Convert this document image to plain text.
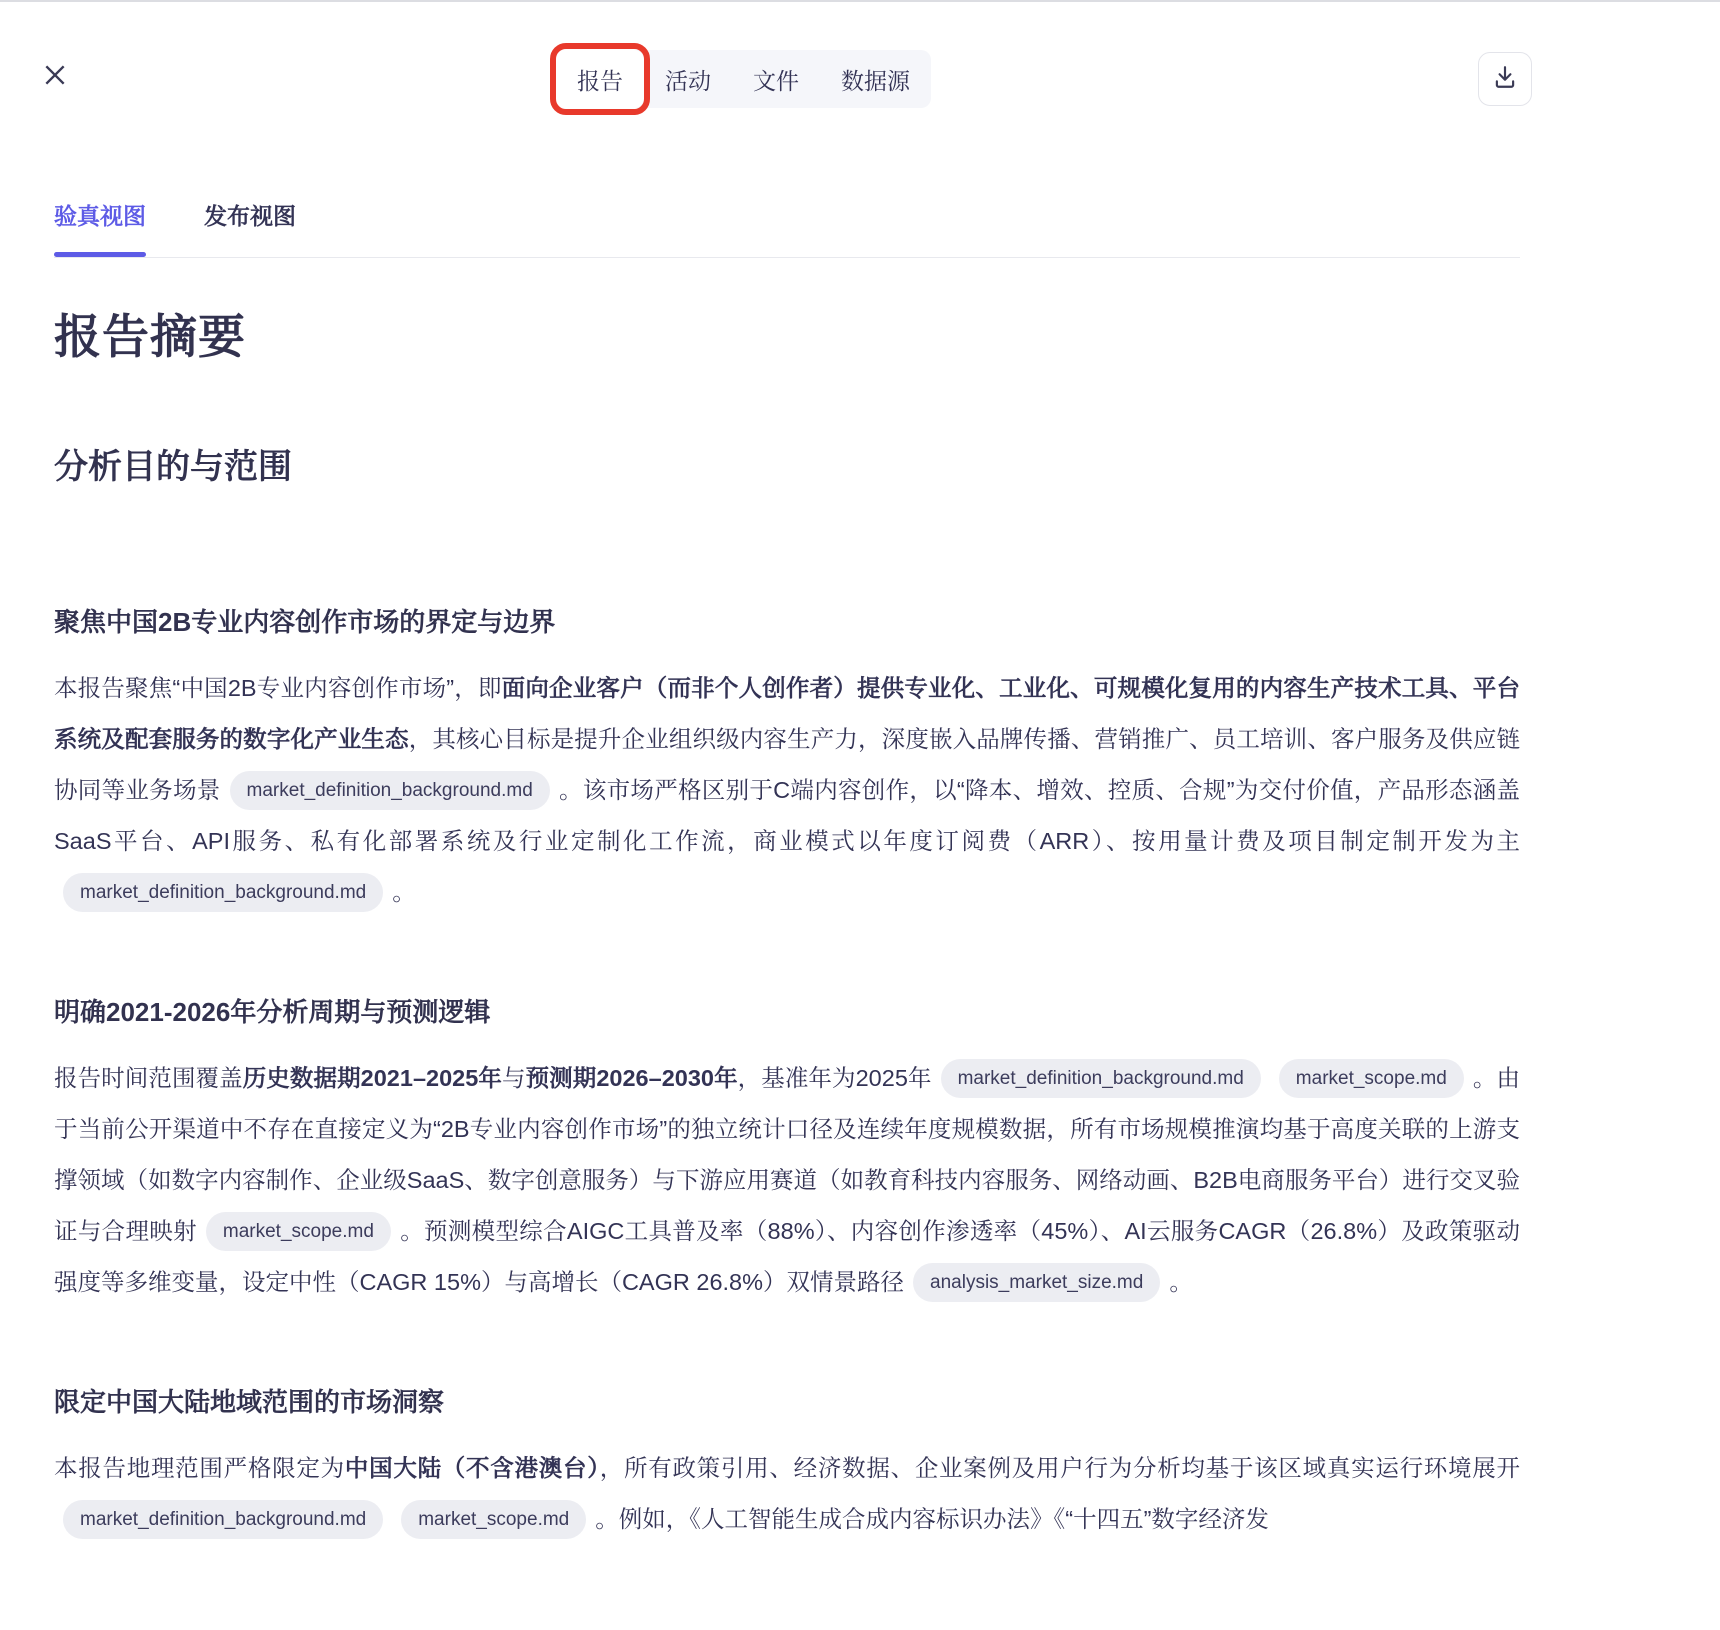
报告 活动 文件 数据源
验真视图	发布视图
报告摘要
分析目的与范围
聚焦中国2B专业内容创作市场的界定与边界

本报告聚焦“中国2B专业内容创作市场”，即面向企业客户（而非个人创作者）提供专业化、工业化、可规模化复用的内容生产技术工具、平台系统及配套服务的数字化产业生态，其核心目标是提升企业组织级内容生产力，深度嵌入品牌传播、营销推广、员工培训、客户服务及供应链协同等业务场景 market_definition_background.md 。该市场严格区别于C端内容创作，以“降本、增效、控质、合规”为交付价值，产品形态涵盖SaaS平台、API服务、私有化部署系统及行业定制化工作流，商业模式以年度订阅费（ARR）、按用量计费及项目制定制开发为主market_definition_background.md 。

明确2021-2026年分析周期与预测逻辑

报告时间范围覆盖历史数据期2021–2025年与预测期2026–2030年，基准年为2025年 market_definition_background.md	market_scope.md 。由于当前公开渠道中不存在直接定义为“2B专业内容创作市场”的独立统计口径及连续年度规模数据，所有市场规模推演均基于高度关联的上游支撑领域（如数字内容制作、企业级SaaS、数字创意服务）与下游应用赛道（如教育科技内容服务、网络动画、B2B电商服务平台）进行交叉验证与合理映射 market_scope.md 。预测模型综合AIGC工具普及率（88%）、内容创作渗透率（45%）、AI云服务CAGR（26.8%）及政策驱动强度等多维变量，设定中性（CAGR 15%）与高增长（CAGR 26.8%）双情景路径 analysis_market_size.md 。

限定中国大陆地域范围的市场洞察

本报告地理范围严格限定为中国大陆（不含港澳台），所有政策引用、经济数据、企业案例及用户行为分析均基于该区域真实运行环境展开market_definition_background.md	market_scope.md 。例如，《人工智能生成合成内容标识办法》《“十四五”数字经济发
